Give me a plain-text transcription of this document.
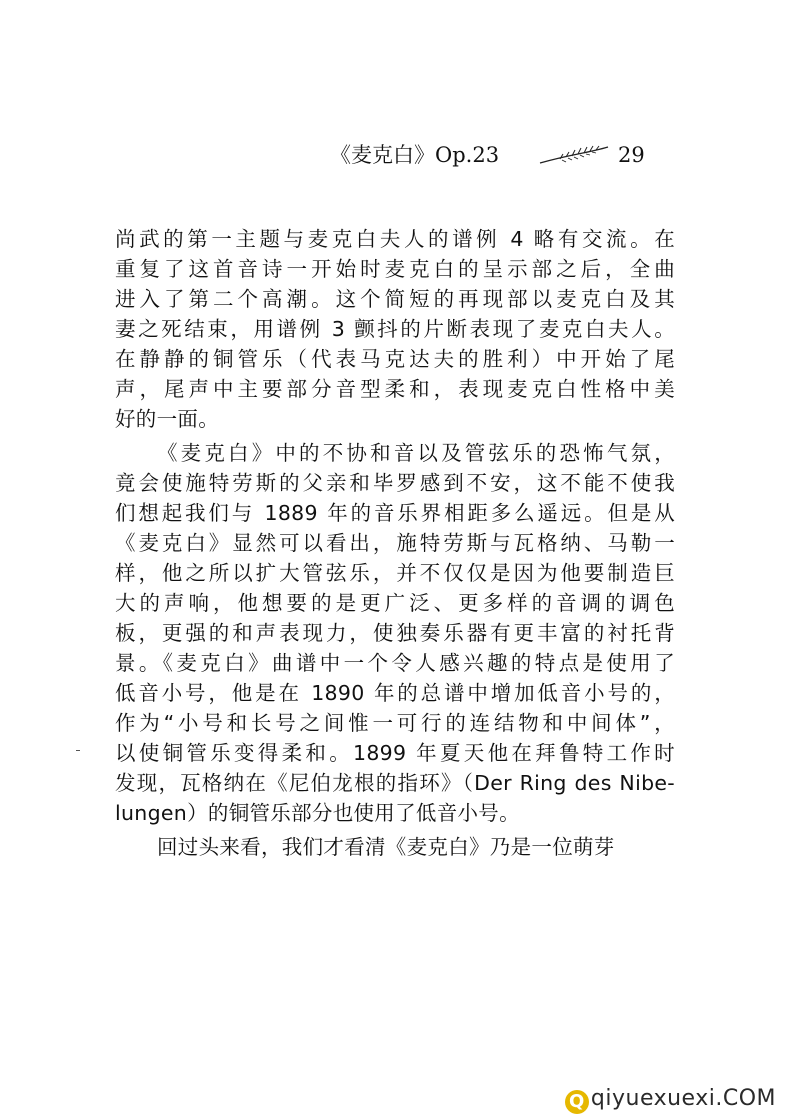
《麦克白》Op.23	29

尚武的第一主题与麦克白夫人的谱例 4 略有交流。在
重复了这首音诗一开始时麦克白的呈示部之后，全曲
进入了第二个高潮。这个简短的再现部以麦克白及其
妻之死结束，用谱例 3 颤抖的片断表现了麦克白夫人。
在静静的铜管乐（代表马克达夫的胜利）中开始了尾
声，尾声中主要部分音型柔和，表现麦克白性格中美
好的一面。

《麦克白》中的不协和音以及管弦乐的恐怖气氛，
竟会使施特劳斯的父亲和毕罗感到不安，这不能不使我
们想起我们与 1889 年的音乐界相距多么遥远。但是从
《麦克白》显然可以看出，施特劳斯与瓦格纳、马勒一
样，他之所以扩大管弦乐，并不仅仅是因为他要制造巨
大的声响，他想要的是更广泛、更多样的音调的调色
板，更强的和声表现力，使独奏乐器有更丰富的衬托背
景。《麦克白》曲谱中一个令人感兴趣的特点是使用了
低音小号，他是在 1890 年的总谱中增加低音小号的，
作为“小号和长号之间惟一可行的连结物和中间体”，
以使铜管乐变得柔和。1899 年夏天他在拜鲁特工作时
发现，瓦格纳在《尼伯龙根的指环》（Der Ring des Nibe-
lungen）的铜管乐部分也使用了低音小号。

回过头来看，我们才看清《麦克白》乃是一位萌芽

Q qiyuexuexi.COM
